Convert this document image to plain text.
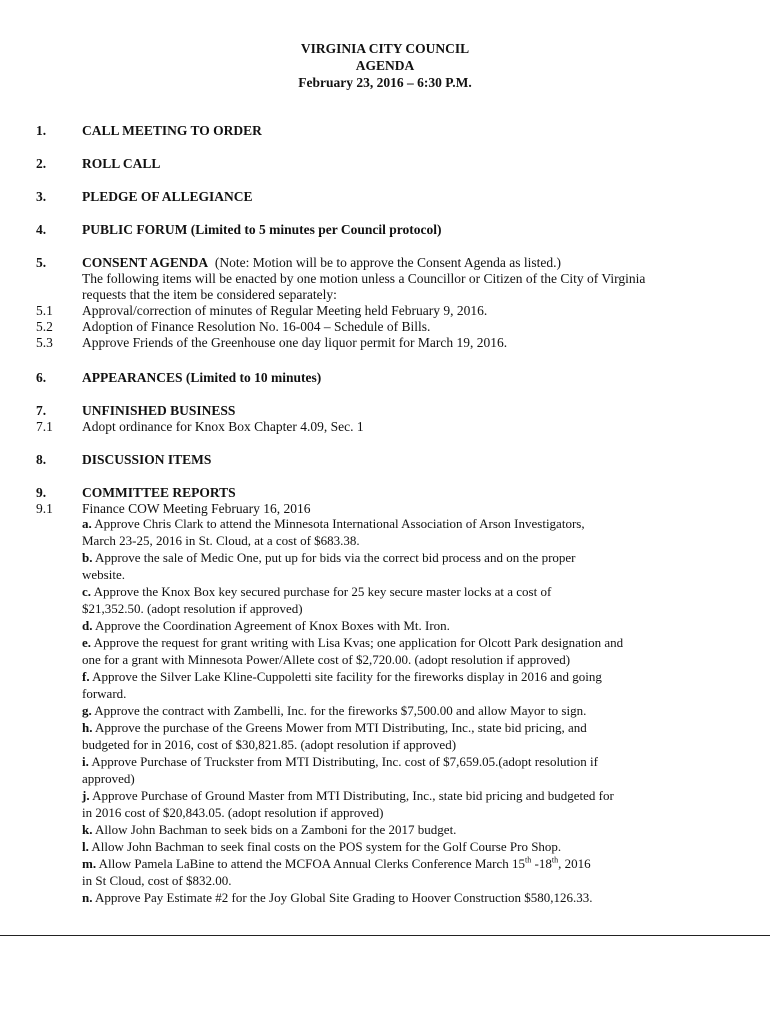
VIRGINIA CITY COUNCIL
AGENDA
February 23, 2016 – 6:30 P.M.
1.	CALL MEETING TO ORDER
2.	ROLL CALL
3.	PLEDGE OF ALLEGIANCE
4.	PUBLIC FORUM (Limited to 5 minutes per Council protocol)
5.	CONSENT AGENDA (Note: Motion will be to approve the Consent Agenda as listed.)
The following items will be enacted by one motion unless a Councillor or Citizen of the City of Virginia
requests that the item be considered separately:
5.1	Approval/correction of minutes of Regular Meeting held February 9, 2016.
5.2	Adoption of Finance Resolution No. 16-004 – Schedule of Bills.
5.3	Approve Friends of the Greenhouse one day liquor permit for March 19, 2016.
6.	APPEARANCES (Limited to 10 minutes)
7.	UNFINISHED BUSINESS
7.1	Adopt ordinance for Knox Box Chapter 4.09, Sec. 1
8.	DISCUSSION ITEMS
9.	COMMITTEE REPORTS
9.1	Finance COW Meeting February 16, 2016
a. Approve Chris Clark to attend the Minnesota International Association of Arson Investigators,
March 23-25, 2016 in St. Cloud, at a cost of $683.38.
b. Approve the sale of Medic One, put up for bids via the correct bid process and on the proper
website.
c. Approve the Knox Box key secured purchase for 25 key secure master locks at a cost of
$21,352.50. (adopt resolution if approved)
d. Approve the Coordination Agreement of Knox Boxes with Mt. Iron.
e. Approve the request for grant writing with Lisa Kvas; one application for Olcott Park designation and
one for a grant with Minnesota Power/Allete cost of $2,720.00. (adopt resolution if approved)
f. Approve the Silver Lake Kline-Cuppoletti site facility for the fireworks display in 2016 and going
forward.
g. Approve the contract with Zambelli, Inc. for the fireworks $7,500.00 and allow Mayor to sign.
h. Approve the purchase of the Greens Mower from MTI Distributing, Inc., state bid pricing, and
budgeted for in 2016, cost of $30,821.85. (adopt resolution if approved)
i. Approve Purchase of Truckster from MTI Distributing, Inc. cost of $7,659.05.(adopt resolution if
approved)
j. Approve Purchase of Ground Master from MTI Distributing, Inc., state bid pricing and budgeted for
in 2016 cost of $20,843.05. (adopt resolution if approved)
k. Allow John Bachman to seek bids on a Zamboni for the 2017 budget.
l. Allow John Bachman to seek final costs on the POS system for the Golf Course Pro Shop.
m. Allow Pamela LaBine to attend the MCFOA Annual Clerks Conference March 15th -18th, 2016
in St Cloud, cost of $832.00.
n. Approve Pay Estimate #2 for the Joy Global Site Grading to Hoover Construction $580,126.33.
